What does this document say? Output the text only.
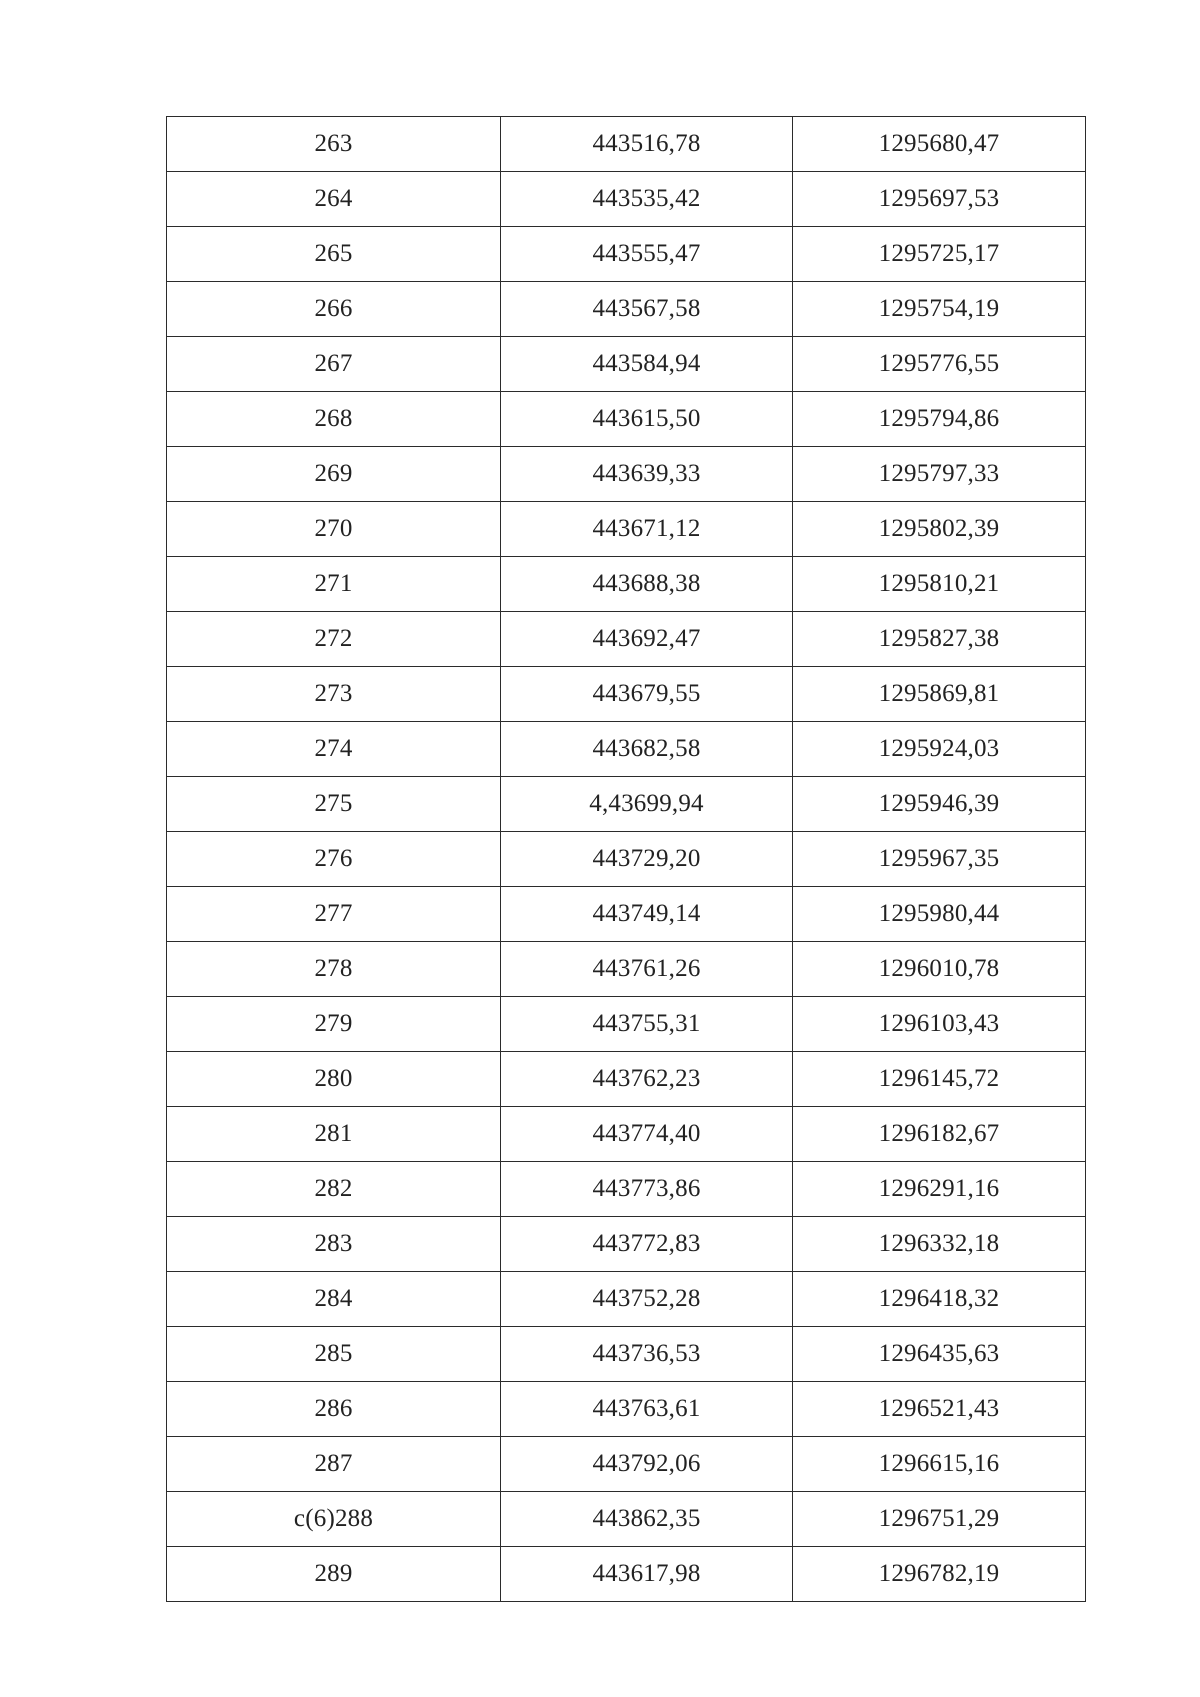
263	443516,78	1295680,47
264	443535,42	1295697,53
265	443555,47	1295725,17
266	443567,58	1295754,19
267	443584,94	1295776,55
268	443615,50	1295794,86
269	443639,33	1295797,33
270	443671,12	1295802,39
271	443688,38	1295810,21
272	443692,47	1295827,38
273	443679,55	1295869,81
274	443682,58	1295924,03
275	4,43699,94	1295946,39
276	443729,20	1295967,35
277	443749,14	1295980,44
278	443761,26	1296010,78
279	443755,31	1296103,43
280	443762,23	1296145,72
281	443774,40	1296182,67
282	443773,86	1296291,16
283	443772,83	1296332,18
284	443752,28	1296418,32
285	443736,53	1296435,63
286	443763,61	1296521,43
287	443792,06	1296615,16
c(6)288	443862,35	1296751,29
289	443617,98	1296782,19
